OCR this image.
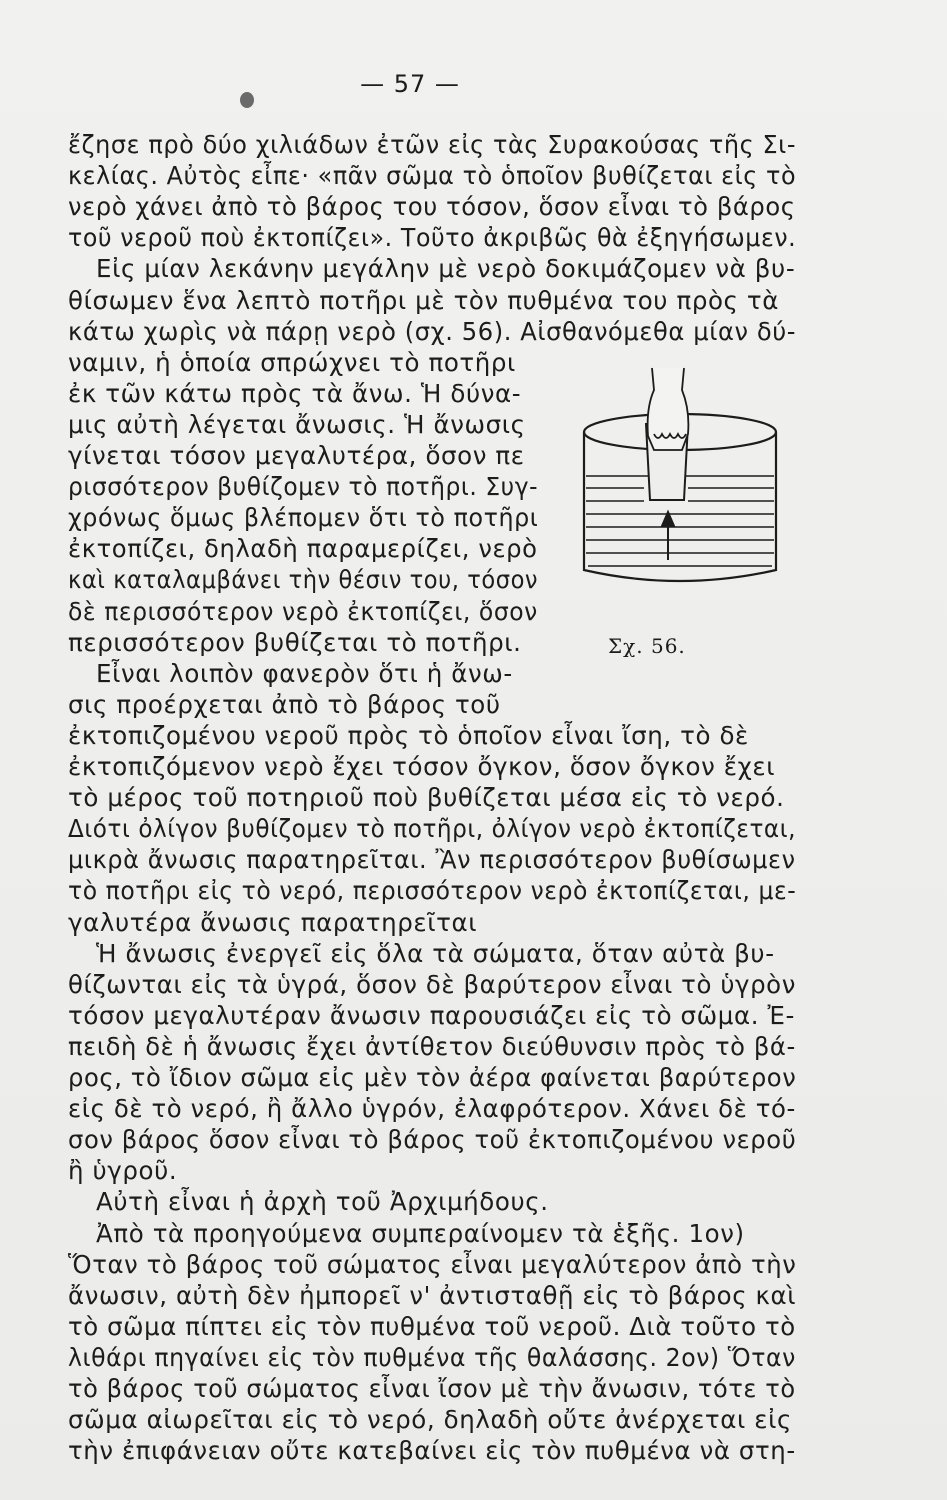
— 57 —
ἔζησε πρὸ δύο χιλιάδων ἐτῶν εἰς τὰς Συρακούσας τῆς Σι-
κελίας. Αὐτὸς εἶπε· «πᾶν σῶμα τὸ ὁποῖον βυθίζεται εἰς τὸ
νερὸ χάνει ἀπὸ τὸ βάρος του τόσον, ὅσον εἶναι τὸ βάρος
τοῦ νεροῦ ποὺ ἐκτοπίζει». Τοῦτο ἀκριβῶς θὰ ἐξηγήσωμεν.
Εἰς μίαν λεκάνην μεγάλην μὲ νερὸ δοκιμάζομεν νὰ βυ-
θίσωμεν ἕνα λεπτὸ ποτῆρι μὲ τὸν πυθμένα του πρὸς τὰ
κάτω χωρὶς νὰ πάρῃ νερὸ (σχ. 56). Αἰσθανόμεθα μίαν δύ-
ναμιν, ἡ ὁποία σπρώχνει τὸ ποτῆρι
ἐκ τῶν κάτω πρὸς τὰ ἄνω. Ἡ δύνα-
μις αὐτὴ λέγεται ἄνωσις. Ἡ ἄνωσις
γίνεται τόσον μεγαλυτέρα, ὅσον πε
ρισσότερον βυθίζομεν τὸ ποτῆρι. Συγ-
χρόνως ὅμως βλέπομεν ὅτι τὸ ποτῆρι
ἐκτοπίζει, δηλαδὴ παραμερίζει, νερὸ
καὶ καταλαμβάνει τὴν θέσιν του, τόσον
δὲ περισσότερον νερὸ ἐκτοπίζει, ὅσον
περισσότερον βυθίζεται τὸ ποτῆρι.
Εἶναι λοιπὸν φανερὸν ὅτι ἡ ἄνω-
σις προέρχεται ἀπὸ τὸ βάρος τοῦ
ἐκτοπιζομένου νεροῦ πρὸς τὸ ὁποῖον εἶναι ἴση, τὸ δὲ
ἐκτοπιζόμενον νερὸ ἔχει τόσον ὄγκον, ὅσον ὄγκον ἔχει
τὸ μέρος τοῦ ποτηριοῦ ποὺ βυθίζεται μέσα εἰς τὸ νερό.
Διότι ὀλίγον βυθίζομεν τὸ ποτῆρι, ὀλίγον νερὸ ἐκτοπίζεται,
μικρὰ ἄνωσις παρατηρεῖται. Ἂν περισσότερον βυθίσωμεν
τὸ ποτῆρι εἰς τὸ νερό, περισσότερον νερὸ ἐκτοπίζεται, με-
γαλυτέρα ἄνωσις παρατηρεῖται
Ἡ ἄνωσις ἐνεργεῖ εἰς ὅλα τὰ σώματα, ὅταν αὐτὰ βυ-
θίζωνται εἰς τὰ ὑγρά, ὅσον δὲ βαρύτερον εἶναι τὸ ὑγρὸν
τόσον μεγαλυτέραν ἄνωσιν παρουσιάζει εἰς τὸ σῶμα. Ἐ-
πειδὴ δὲ ἡ ἄνωσις ἔχει ἀντίθετον διεύθυνσιν πρὸς τὸ βά-
ρος, τὸ ἴδιον σῶμα εἰς μὲν τὸν ἀέρα φαίνεται βαρύτερον
εἰς δὲ τὸ νερό, ἢ ἄλλο ὑγρόν, ἐλαφρότερον. Χάνει δὲ τό-
σον βάρος ὅσον εἶναι τὸ βάρος τοῦ ἐκτοπιζομένου νεροῦ
ἢ ὑγροῦ.
Αὐτὴ εἶναι ἡ ἀρχὴ τοῦ Ἀρχιμήδους.
Ἀπὸ τὰ προηγούμενα συμπεραίνομεν τὰ ἑξῆς. 1ον)
Ὅταν τὸ βάρος τοῦ σώματος εἶναι μεγαλύτερον ἀπὸ τὴν
ἄνωσιν, αὐτὴ δὲν ἠμπορεῖ ν' ἀντισταθῇ εἰς τὸ βάρος καὶ
τὸ σῶμα πίπτει εἰς τὸν πυθμένα τοῦ νεροῦ. Διὰ τοῦτο τὸ
λιθάρι πηγαίνει εἰς τὸν πυθμένα τῆς θαλάσσης. 2ον) Ὅταν
τὸ βάρος τοῦ σώματος εἶναι ἴσον μὲ τὴν ἄνωσιν, τότε τὸ
σῶμα αἰωρεῖται εἰς τὸ νερό, δηλαδὴ οὔτε ἀνέρχεται εἰς
τὴν ἐπιφάνειαν οὔτε κατεβαίνει εἰς τὸν πυθμένα νὰ στη-
Σχ. 56.
